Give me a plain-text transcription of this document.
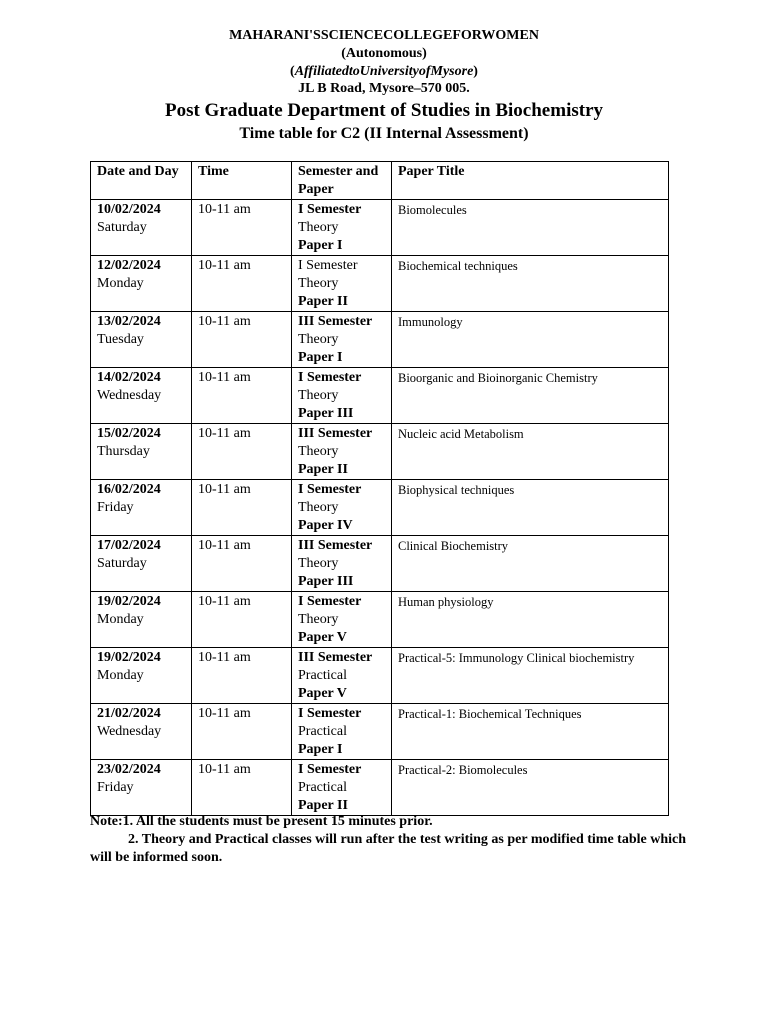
MAHARANI'SSCIENCECOLLEGEFORWOMEN
(Autonomous)
(AffiliatedtoUniversityofMysore)
JL B Road, Mysore–570 005.
Post Graduate Department of Studies in Biochemistry
Time table for C2 (II Internal Assessment)
Date and Day	Time	Semester and Paper	Paper Title

10/02/2024
Saturday	10-11 am	I Semester
Theory
Paper I	Biomolecules

12/02/2024
Monday	10-11 am	I Semester
Theory
Paper II	Biochemical techniques

13/02/2024
Tuesday	10-11 am	III Semester
Theory
Paper I	Immunology

14/02/2024
Wednesday	10-11 am	I Semester
Theory
Paper III	Bioorganic and Bioinorganic Chemistry

15/02/2024
Thursday	10-11 am	III Semester
Theory
Paper II	Nucleic acid Metabolism

16/02/2024
Friday	10-11 am	I Semester
Theory
Paper IV	Biophysical techniques

17/02/2024
Saturday	10-11 am	III Semester
Theory
Paper III	Clinical Biochemistry

19/02/2024
Monday	10-11 am	I Semester
Theory
Paper V	Human physiology

19/02/2024
Monday	10-11 am	III Semester
Practical
Paper V	Practical-5: Immunology Clinical biochemistry

21/02/2024
Wednesday	10-11 am	I Semester
Practical
Paper I	Practical-1: Biochemical Techniques

23/02/2024
Friday	10-11 am	I Semester
Practical
Paper II	Practical-2: Biomolecules
Note:1. All the students must be present 15 minutes prior.
2. Theory and Practical classes will run after the test writing as per modified time table which will be informed soon.
